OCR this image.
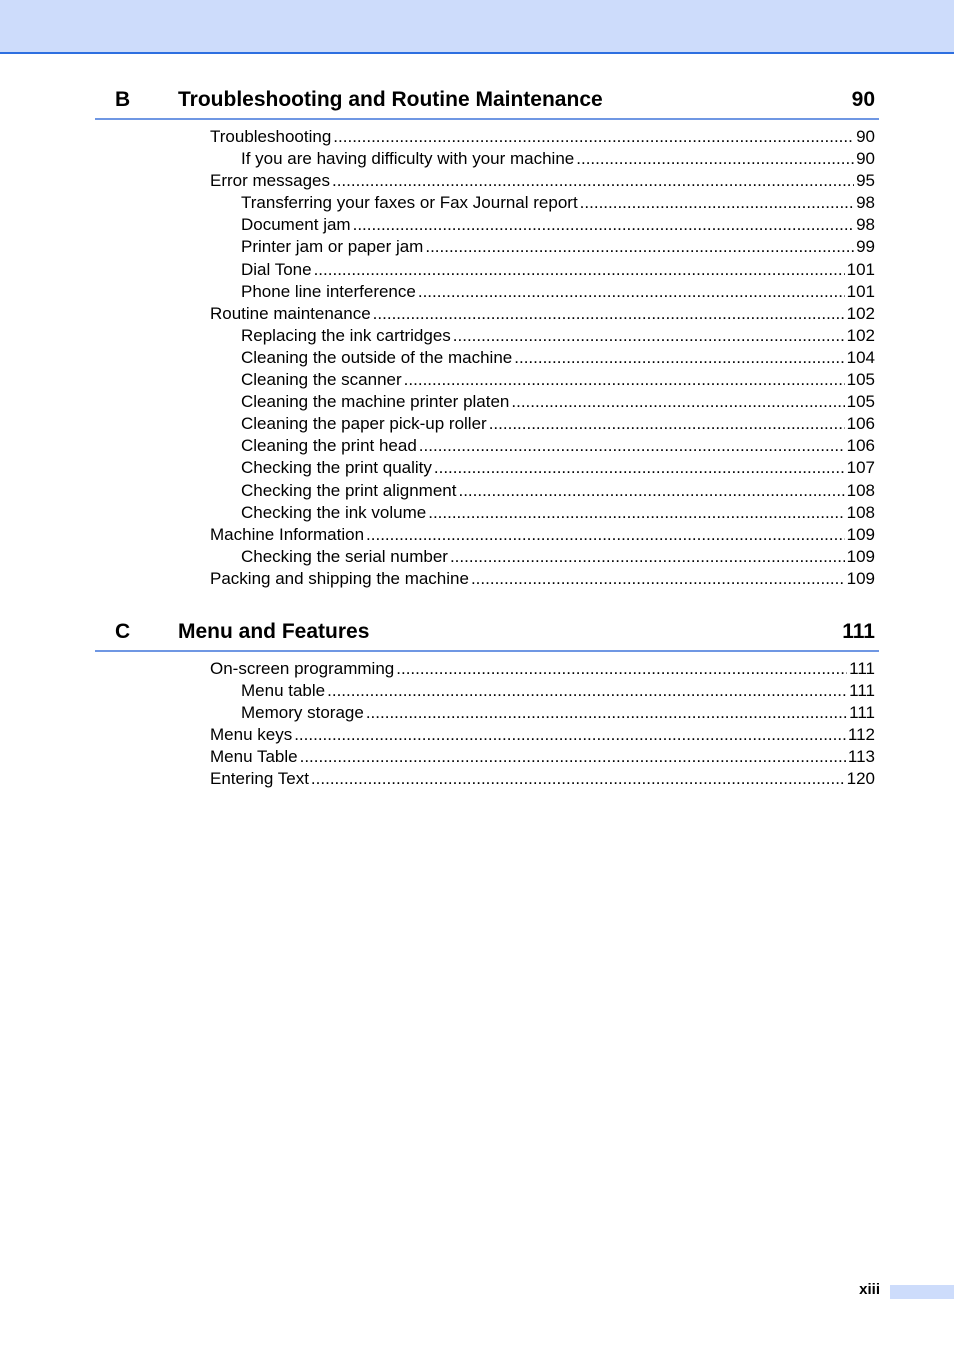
B Troubleshooting and Routine Maintenance	90
Troubleshooting .....	90
If you are having difficulty with your machine .....	90
Error messages .....	95
Transferring your faxes or Fax Journal report .....	98
Document jam .....	98
Printer jam or paper jam .....	99
Dial Tone .....	101
Phone line interference .....	101
Routine maintenance .....	102
Replacing the ink cartridges .....	102
Cleaning the outside of the machine .....	104
Cleaning the scanner .....	105
Cleaning the machine printer platen .....	105
Cleaning the paper pick-up roller .....	106
Cleaning the print head .....	106
Checking the print quality .....	107
Checking the print alignment .....	108
Checking the ink volume .....	108
Machine Information .....	109
Checking the serial number .....	109
Packing and shipping the machine .....	109
C Menu and Features	111
On-screen programming .....	111
Menu table .....	111
Memory storage .....	111
Menu keys .....	112
Menu Table .....	113
Entering Text .....	120
xiii
